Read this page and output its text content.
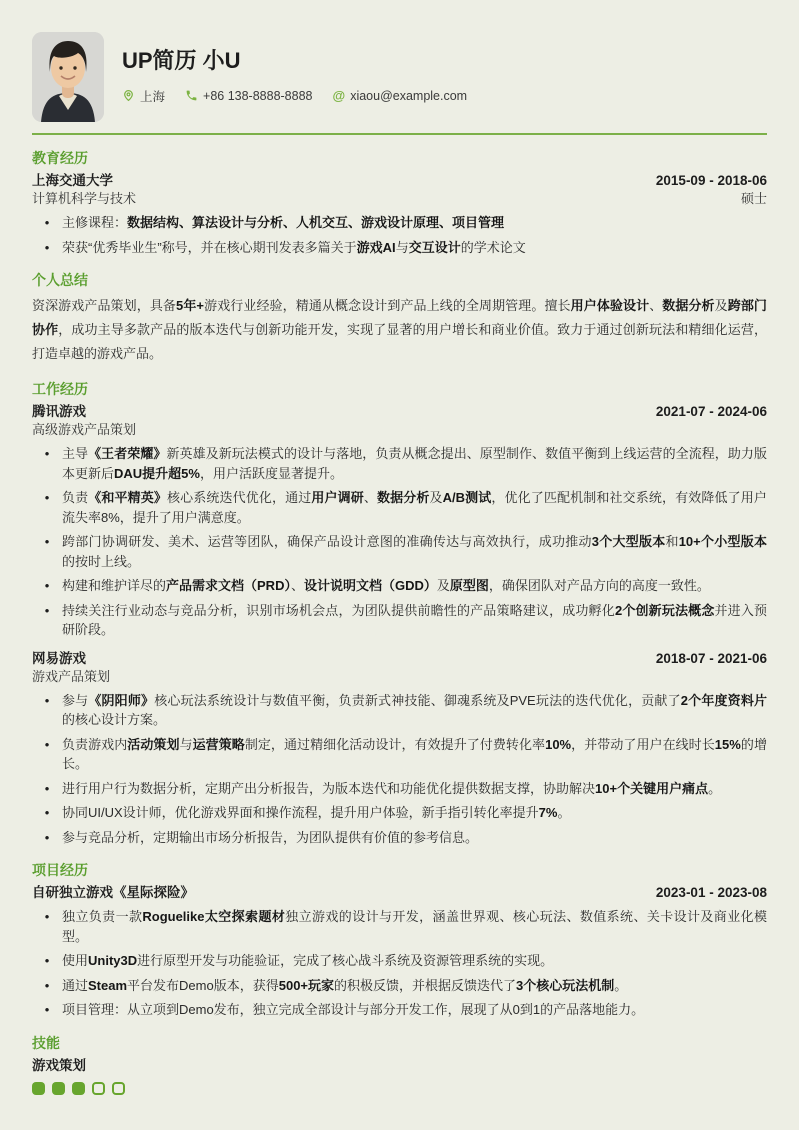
UP简历 小U
上海	+86 138-8888-8888 @ xiaou@example.com
教育经历
上海交通大学	2015-09 - 2018-06
计算机科学与技术	硕士
• 主修课程：数据结构、算法设计与分析、人机交互、游戏设计原理、项目管理
• 荣获“优秀毕业生”称号，并在核心期刊发表多篇关于游戏AI与交互设计的学术论文
个人总结

资深游戏产品策划，具备5年+游戏行业经验，精通从概念设计到产品上线的全周期管理。擅长用户体验设计、数据分析及跨部门协作，成功主导多款产品的版本迭代与创新功能开发，实现了显著的用户增长和商业价值。致力于通过创新玩法和精细化运营，打造卓越的游戏产品。

工作经历
腾讯游戏	2021-07 - 2024-06
高级游戏产品策划
• 主导《王者荣耀》新英雄及新玩法模式的设计与落地，负责从概念提出、原型制作、数值平衡到上线运营的全流程，助力版本更新后DAU提升超5%，用户活跃度显著提升。
• 负责《和平精英》核心系统迭代优化，通过用户调研、数据分析及A/B测试，优化了匹配机制和社交系统，有效降低了用户流失率8%，提升了用户满意度。
• 跨部门协调研发、美术、运营等团队，确保产品设计意图的准确传达与高效执行，成功推动3个大型版本和10+个小型版本的按时上线。
• 构建和维护详尽的产品需求文档（PRD）、设计说明文档（GDD）及原型图，确保团队对产品方向的高度一致性。
• 持续关注行业动态与竞品分析，识别市场机会点，为团队提供前瞻性的产品策略建议，成功孵化2个创新玩法概念并进入预研阶段。
网易游戏	2018-07 - 2021-06
游戏产品策划
• 参与《阴阳师》核心玩法系统设计与数值平衡，负责新式神技能、御魂系统及PVE玩法的迭代优化，贡献了2个年度资料片的核心设计方案。
• 负责游戏内活动策划与运营策略制定，通过精细化活动设计，有效提升了付费转化率10%，并带动了用户在线时长15%的增长。
• 进行用户行为数据分析，定期产出分析报告，为版本迭代和功能优化提供数据支撑，协助解决10+个关键用户痛点。
• 协同UI/UX设计师，优化游戏界面和操作流程，提升用户体验，新手指引转化率提升7%。
• 参与竞品分析，定期输出市场分析报告，为团队提供有价值的参考信息。
项目经历
自研独立游戏《星际探险》	2023-01 - 2023-08
• 独立负责一款Roguelike太空探索题材独立游戏的设计与开发，涵盖世界观、核心玩法、数值系统、关卡设计及商业化模型。
• 使用Unity3D进行原型开发与功能验证，完成了核心战斗系统及资源管理系统的实现。
• 通过Steam平台发布Demo版本，获得500+玩家的积极反馈，并根据反馈迭代了3个核心玩法机制。
• 项目管理：从立项到Demo发布，独立完成全部设计与部分开发工作，展现了从0到1的产品落地能力。
技能
游戏策划
